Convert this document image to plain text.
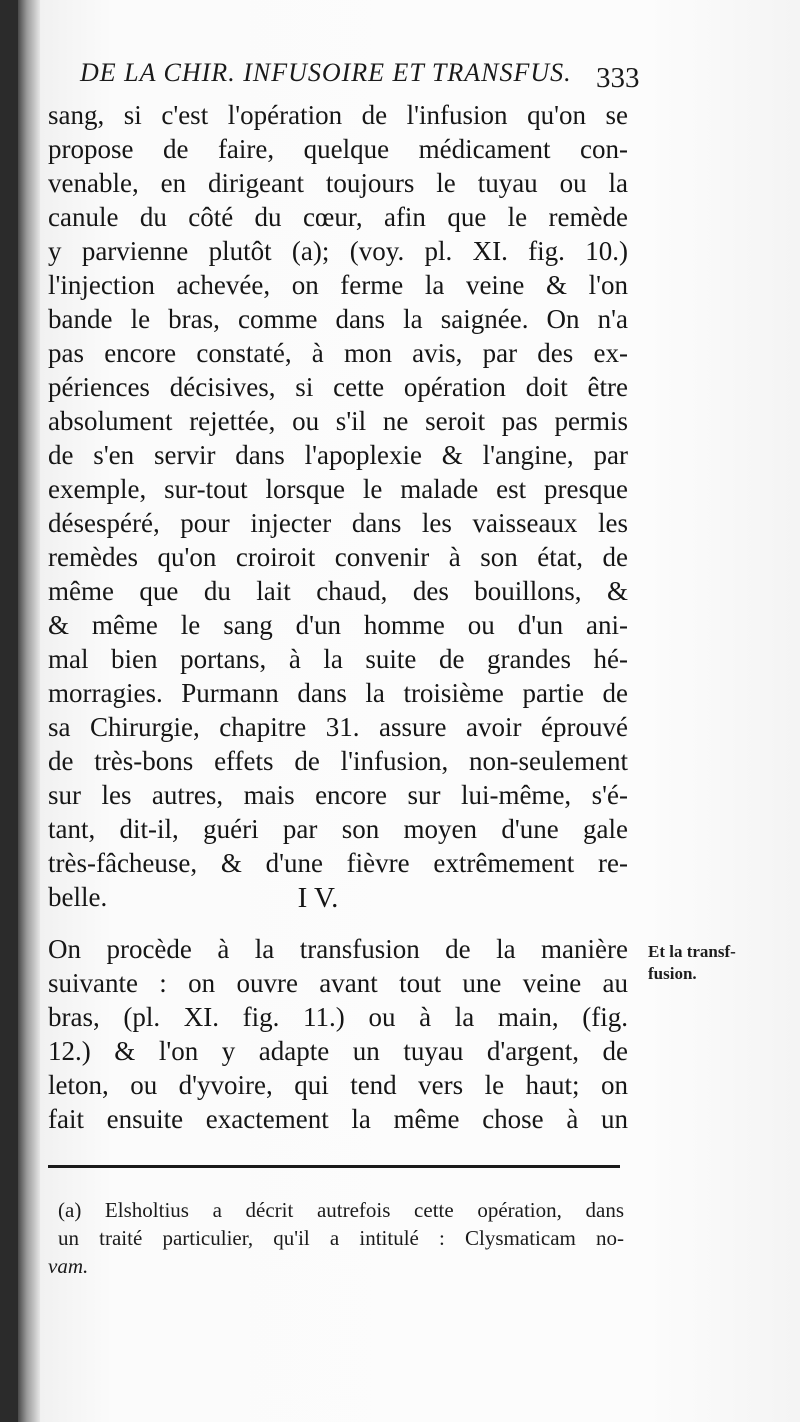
DE LA CHIR. INFUSOIRE ET TRANSFUS. 333
sang, si c'est l'opération de l'infusion qu'on se
propose de faire, quelque médicament con-
venable, en dirigeant toujours le tuyau ou la
canule du côté du cœur, afin que le remède
y parvienne plutôt (a); (voy. pl. XI. fig. 10.)
l'injection achevée, on ferme la veine & l'on
bande le bras, comme dans la saignée. On n'a
pas encore constaté, à mon avis, par des ex-
périences décisives, si cette opération doit être
absolument rejettée, ou s'il ne seroit pas permis
de s'en servir dans l'apoplexie & l'angine, par
exemple, sur-tout lorsque le malade est presque
désespéré, pour injecter dans les vaisseaux les
remèdes qu'on croiroit convenir à son état, de
même que du lait chaud, des bouillons, &
& même le sang d'un homme ou d'un ani-
mal bien portans, à la suite de grandes hé-
morragies. Purmann dans la troisième partie de
sa Chirurgie, chapitre 31. assure avoir éprouvé
de très-bons effets de l'infusion, non-seulement
sur les autres, mais encore sur lui-même, s'é-
tant, dit-il, guéri par son moyen d'une gale
très-fâcheuse, & d'une fièvre extrêmement re-
belle.	I V.
On procède à la transfusion de la manière
suivante : on ouvre avant tout une veine au
bras, (pl. XI. fig. 11.) ou à la main, (fig.
12.) & l'on y adapte un tuyau d'argent, de
leton, ou d'yvoire, qui tend vers le haut; on
fait ensuite exactement la même chose à un
Et la transf-
fusion.
(a) Elsholtius a décrit autrefois cette opération, dans
un traité particulier, qu'il a intitulé : Clysmaticam no-
vam.
